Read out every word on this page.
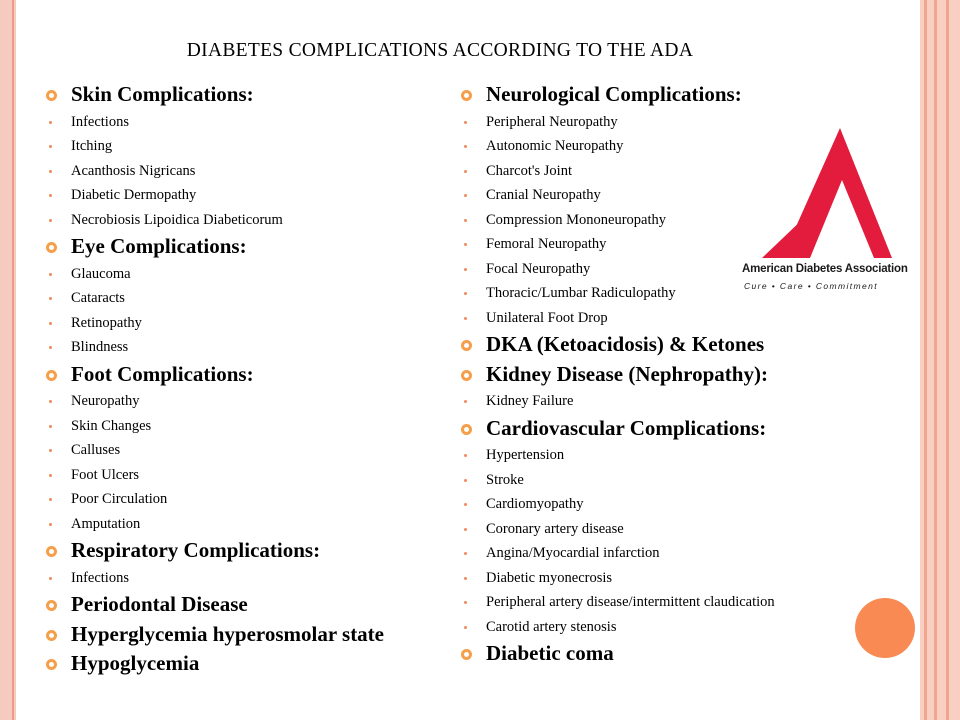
DIABETES COMPLICATIONS ACCORDING TO THE ADA
Skin Complications:
Infections
Itching
Acanthosis Nigricans
Diabetic Dermopathy
Necrobiosis Lipoidica Diabeticorum
Eye Complications:
Glaucoma
Cataracts
Retinopathy
Blindness
Foot Complications:
Neuropathy
Skin Changes
Calluses
Foot Ulcers
Poor Circulation
Amputation
Respiratory Complications:
Infections
Periodontal Disease
Hyperglycemia hyperosmolar state
Hypoglycemia
Neurological Complications:
Peripheral Neuropathy
Autonomic Neuropathy
Charcot's Joint
Cranial Neuropathy
Compression Mononeuropathy
Femoral Neuropathy
Focal Neuropathy
Thoracic/Lumbar Radiculopathy
Unilateral Foot Drop
DKA (Ketoacidosis) & Ketones
Kidney Disease (Nephropathy):
Kidney Failure
Cardiovascular Complications:
Hypertension
Stroke
Cardiomyopathy
Coronary artery disease
Angina/Myocardial infarction
Diabetic myonecrosis
Peripheral artery disease/intermittent claudication
Carotid artery stenosis
Diabetic coma
American Diabetes Association
Cure • Care • Commitment
